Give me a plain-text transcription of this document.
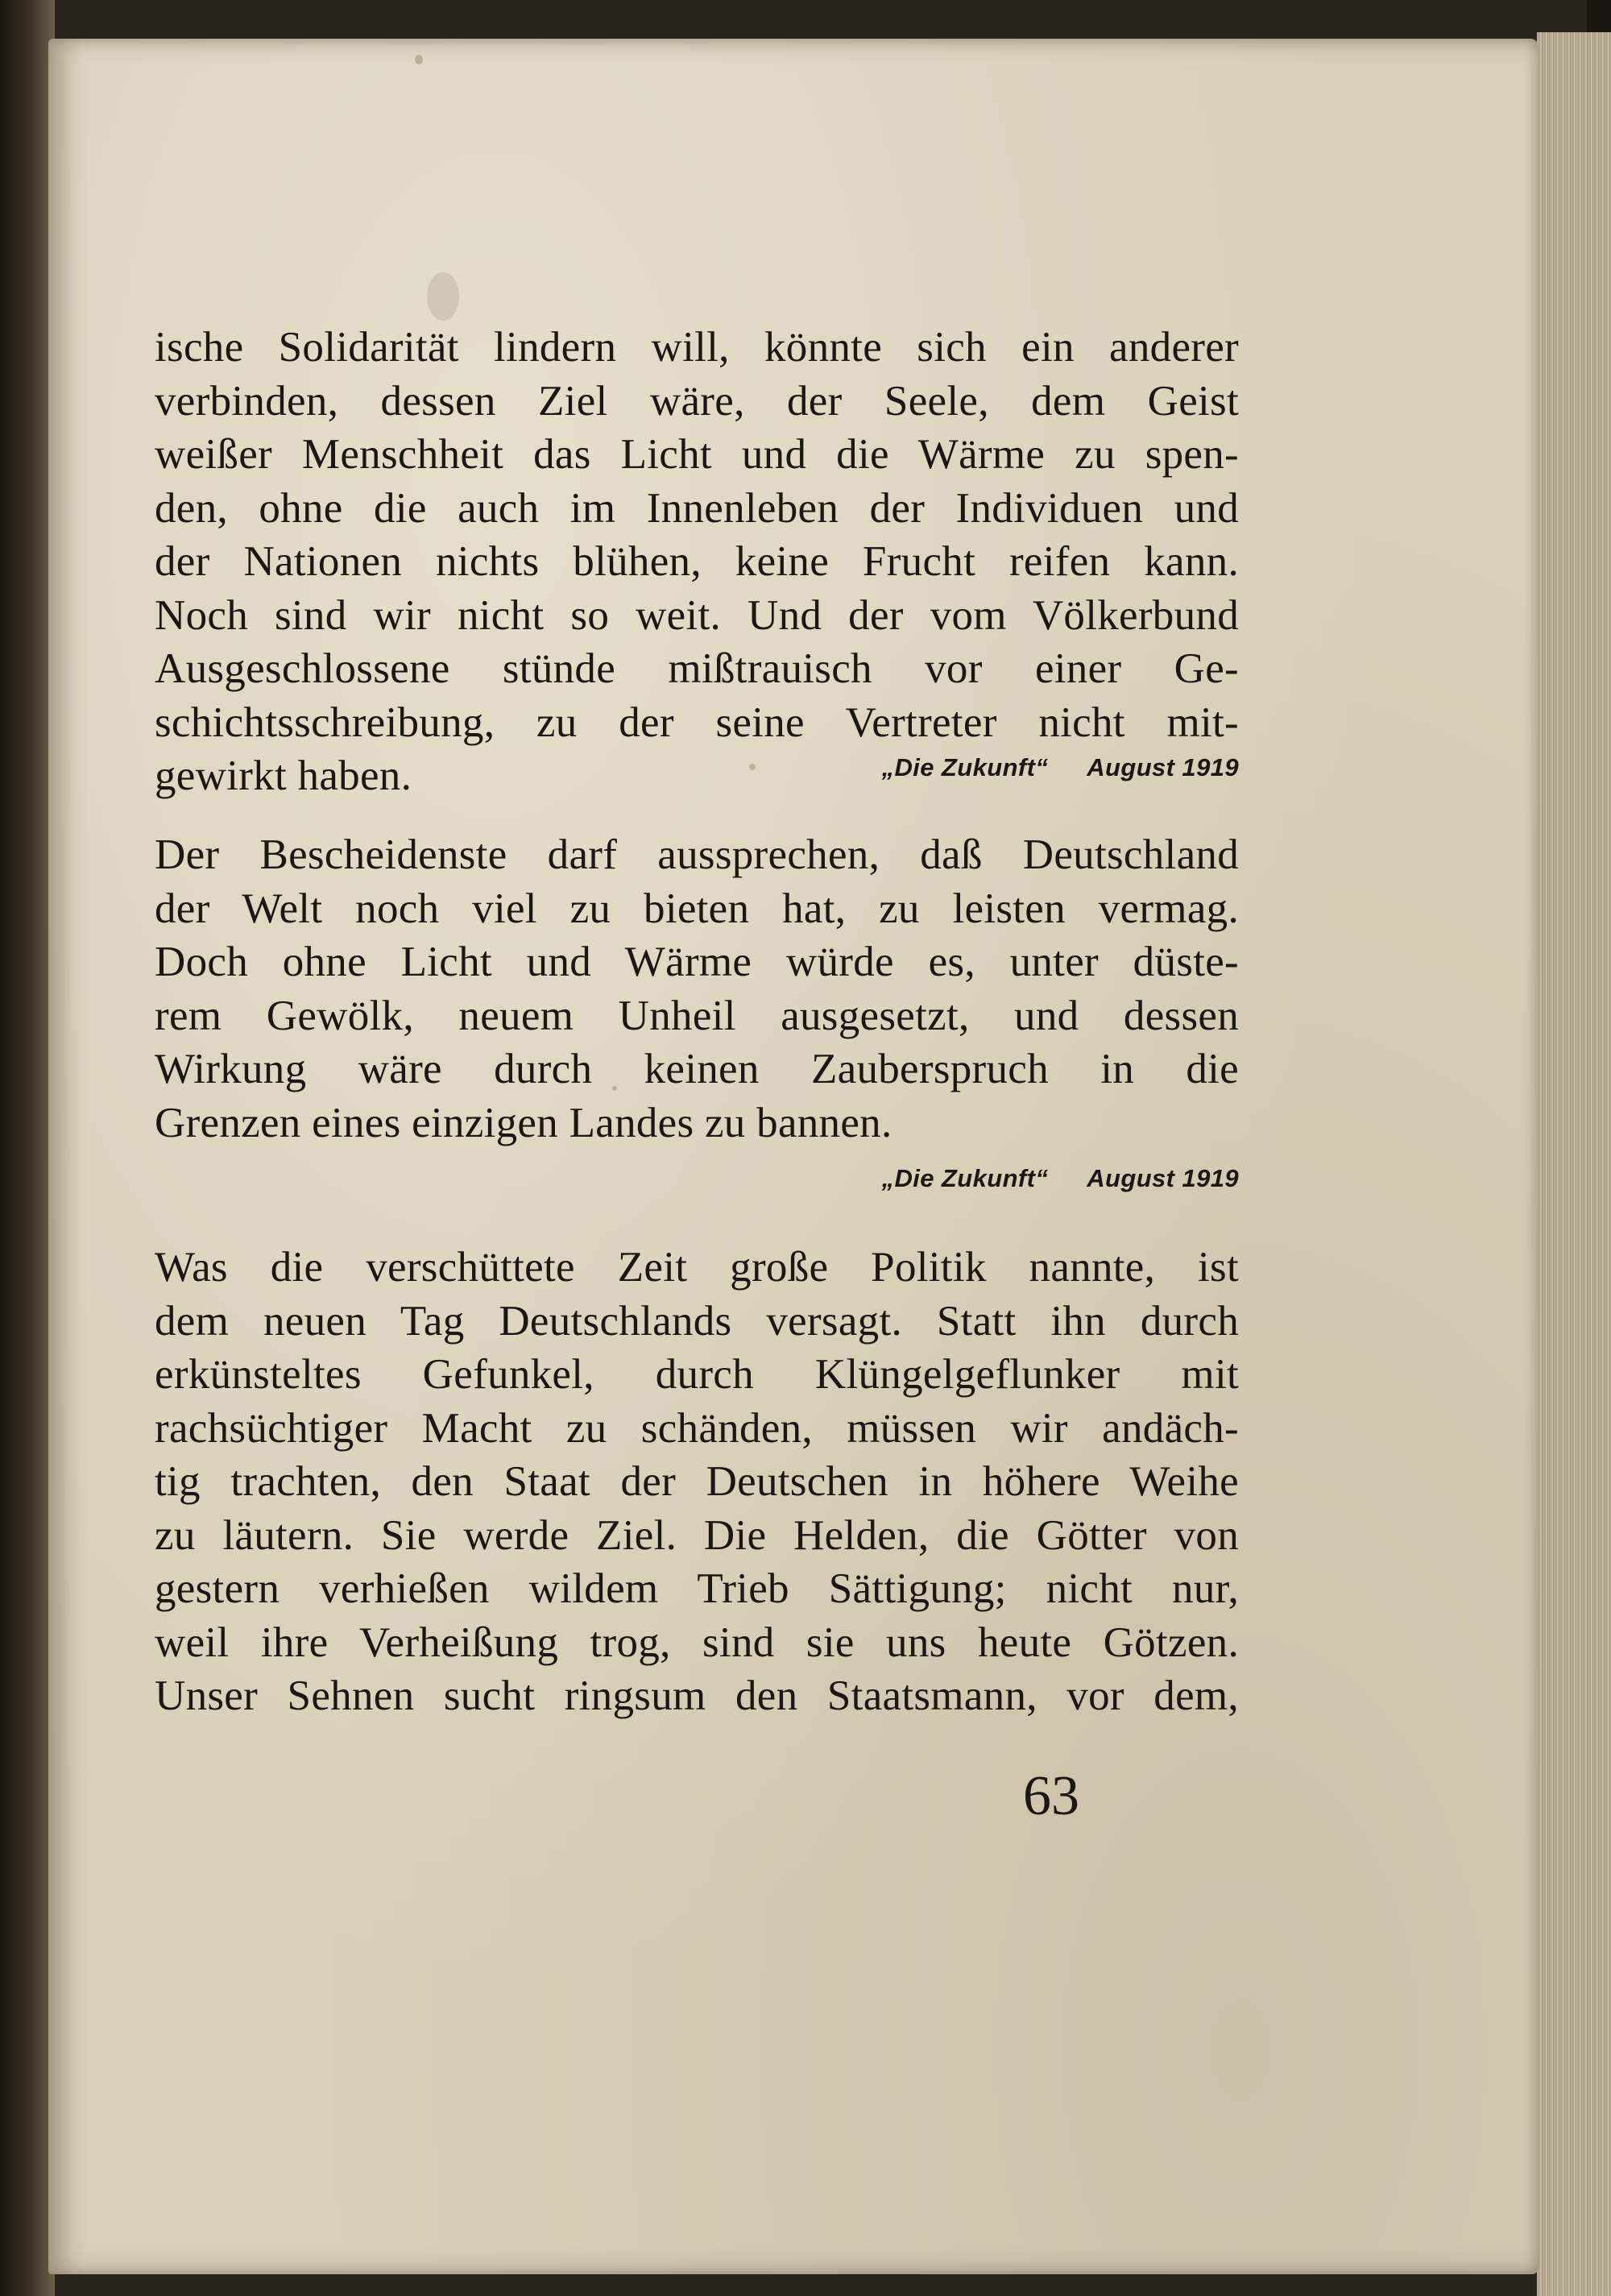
ische Solidarität lindern will, könnte sich ein anderer
verbinden, dessen Ziel wäre, der Seele, dem Geist
weißer Menschheit das Licht und die Wärme zu spen-
den, ohne die auch im Innenleben der Individuen und
der Nationen nichts blühen, keine Frucht reifen kann.
Noch sind wir nicht so weit. Und der vom Völkerbund
Ausgeschlossene stünde mißtrauisch vor einer Ge-
schichtsschreibung, zu der seine Vertreter nicht mit-
gewirkt haben.	„Die Zukunft“ August 1919
Der Bescheidenste darf aussprechen, daß Deutschland
der Welt noch viel zu bieten hat, zu leisten vermag.
Doch ohne Licht und Wärme würde es, unter düste-
rem Gewölk, neuem Unheil ausgesetzt, und dessen
Wirkung wäre durch keinen Zauberspruch in die
Grenzen eines einzigen Landes zu bannen.
„Die Zukunft“ August 1919
Was die verschüttete Zeit große Politik nannte, ist
dem neuen Tag Deutschlands versagt. Statt ihn durch
erkünsteltes Gefunkel, durch Klüngelgeflunker mit
rachsüchtiger Macht zu schänden, müssen wir andäch-
tig trachten, den Staat der Deutschen in höhere Weihe
zu läutern. Sie werde Ziel. Die Helden, die Götter von
gestern verhießen wildem Trieb Sättigung; nicht nur,
weil ihre Verheißung trog, sind sie uns heute Götzen.
Unser Sehnen sucht ringsum den Staatsmann, vor dem,
63
